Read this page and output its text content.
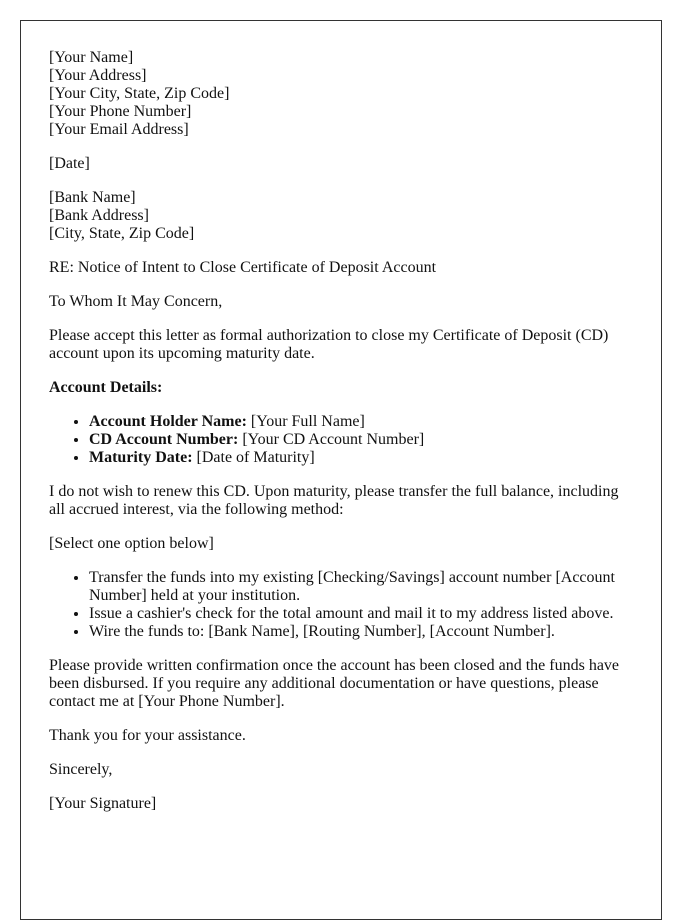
[Your Name]
[Your Address]
[Your City, State, Zip Code]
[Your Phone Number]
[Your Email Address]

[Date]

[Bank Name]
[Bank Address]
[City, State, Zip Code]

RE: Notice of Intent to Close Certificate of Deposit Account

To Whom It May Concern,

Please accept this letter as formal authorization to close my Certificate of Deposit (CD) account upon its upcoming maturity date.

Account Details:

• Account Holder Name: [Your Full Name]
• CD Account Number: [Your CD Account Number]
• Maturity Date: [Date of Maturity]

I do not wish to renew this CD. Upon maturity, please transfer the full balance, including all accrued interest, via the following method:

[Select one option below]

• Transfer the funds into my existing [Checking/Savings] account number [Account Number] held at your institution.
• Issue a cashier's check for the total amount and mail it to my address listed above.
• Wire the funds to: [Bank Name], [Routing Number], [Account Number].

Please provide written confirmation once the account has been closed and the funds have been disbursed. If you require any additional documentation or have questions, please contact me at [Your Phone Number].

Thank you for your assistance.

Sincerely,

[Your Signature]
